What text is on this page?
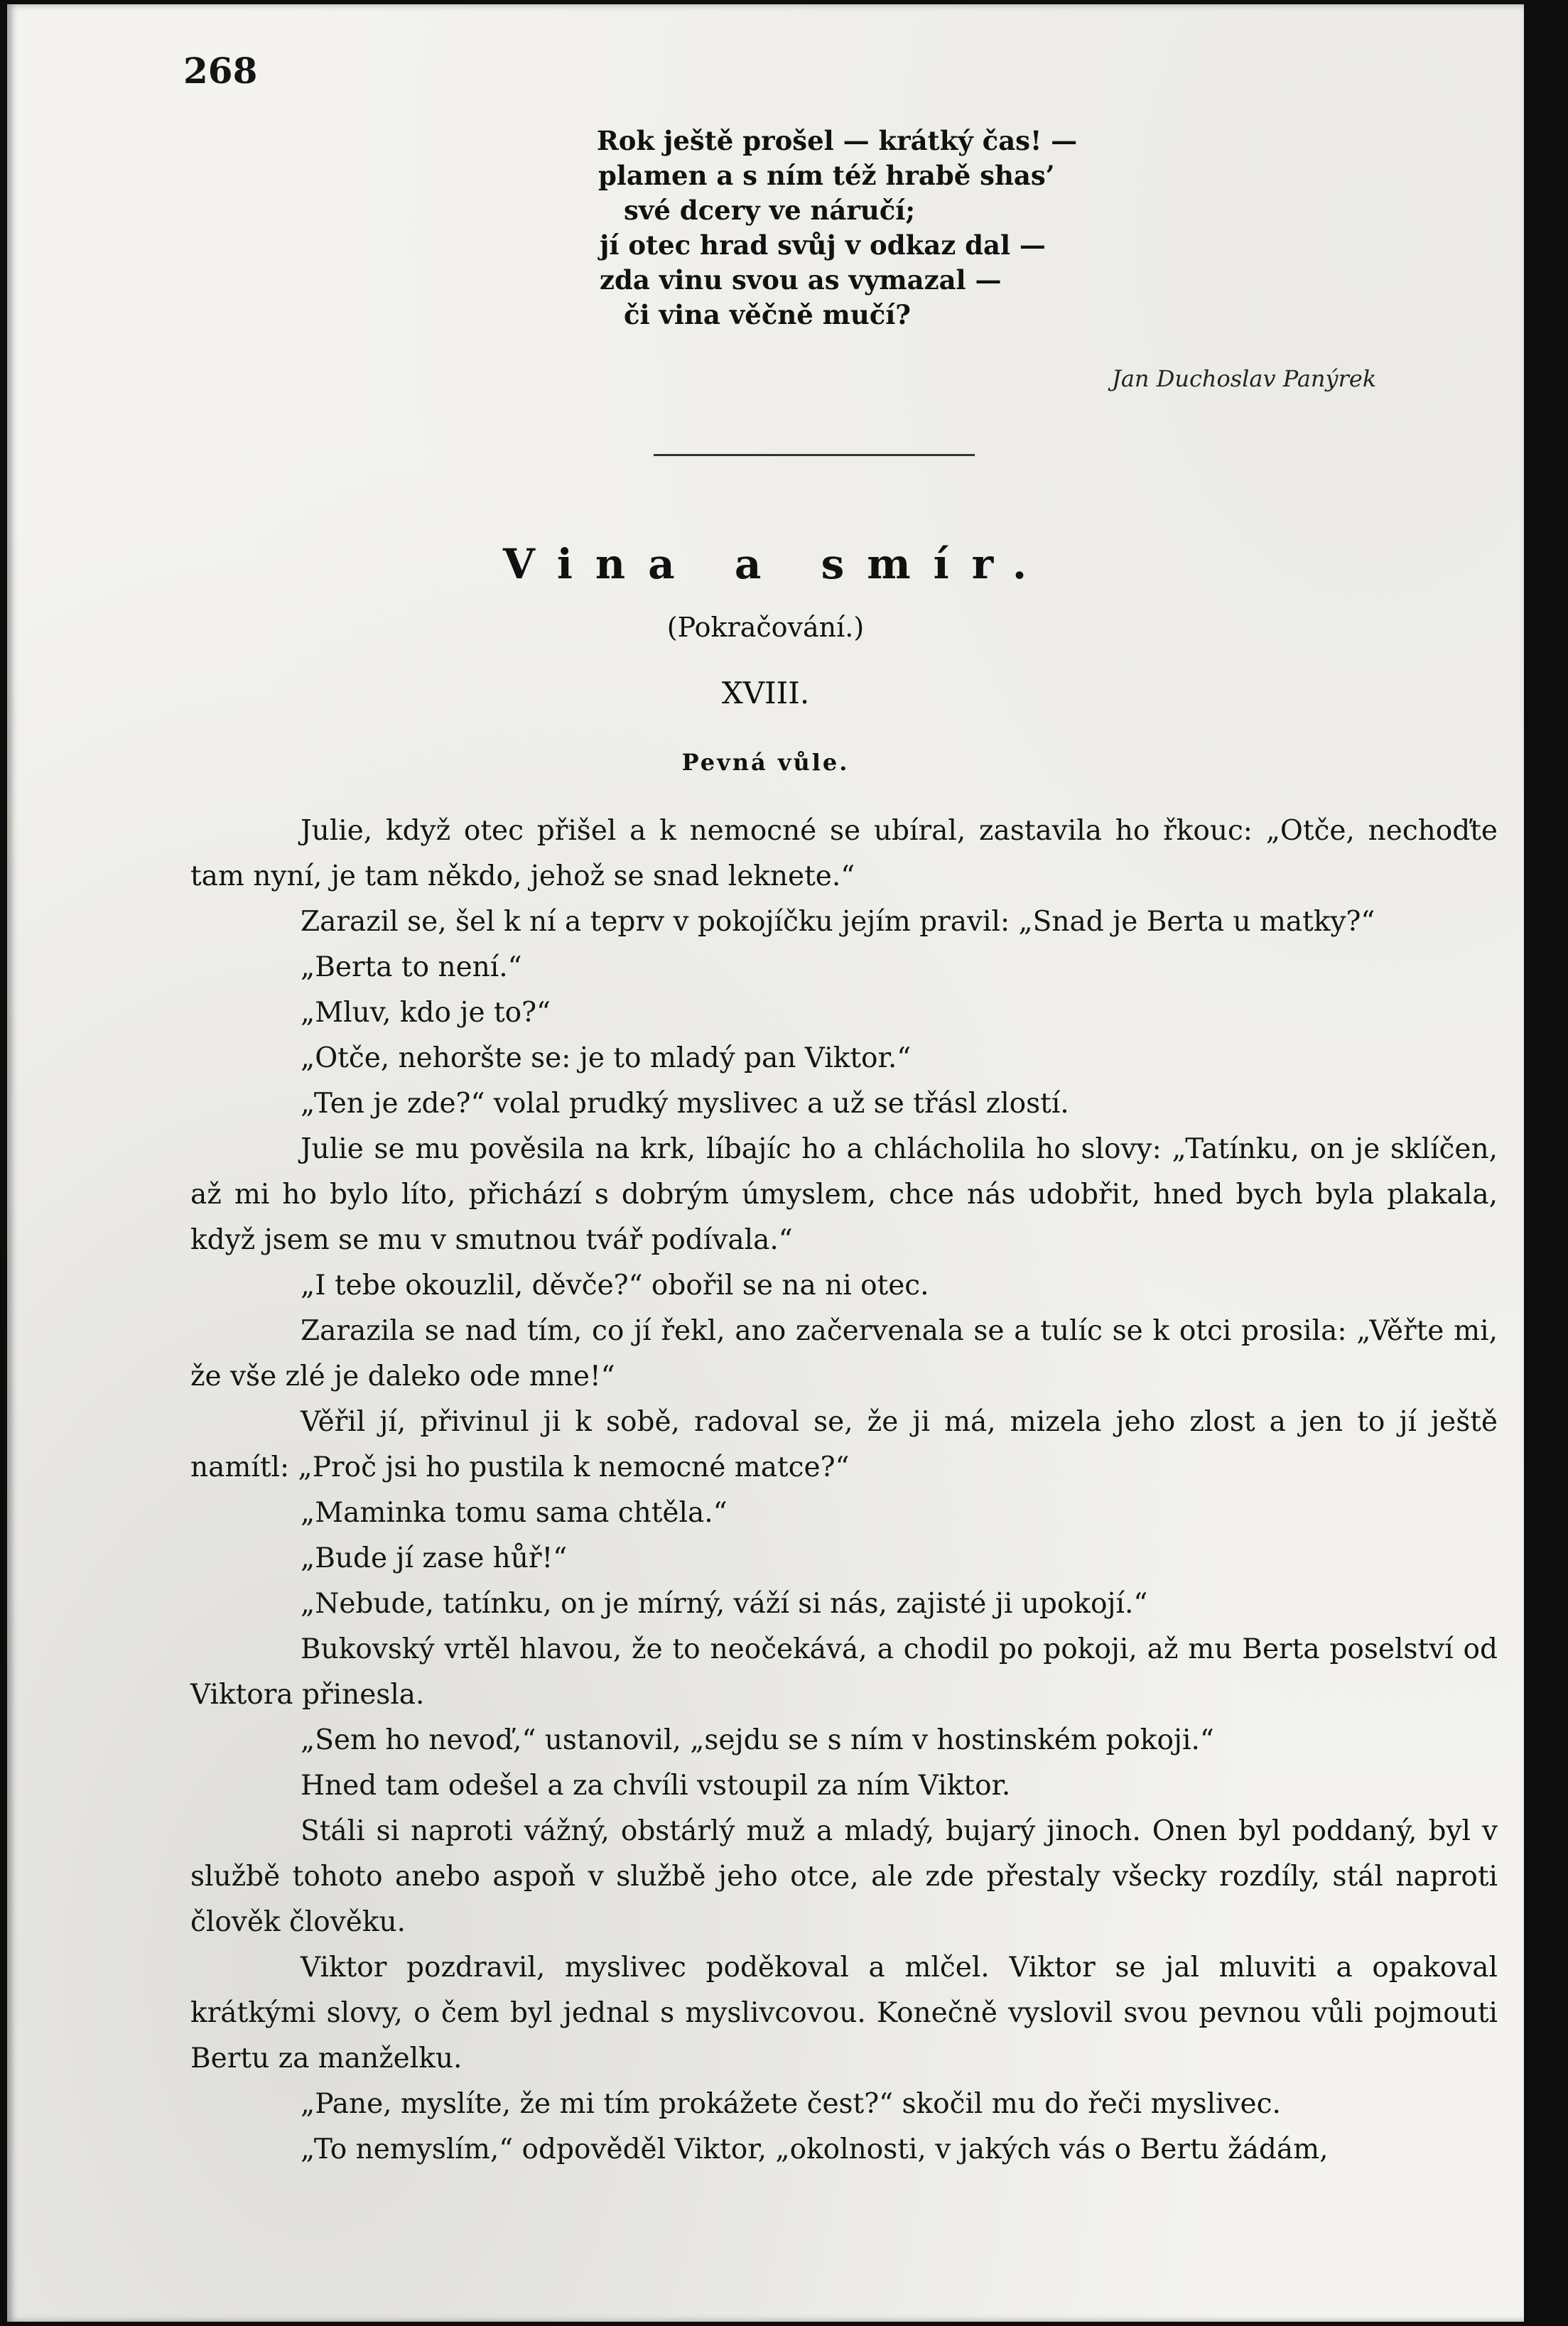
268
Rok ještě prošel — krátký čas! —
plamen a s ním též hrabě shas’
své dcery ve náručí;
jí otec hrad svůj v odkaz dal —
zda vinu svou as vymazal —
či vina věčně mučí?
Jan Duchoslav Panýrek
Vina a smír.
(Pokračování.)
XVIII.
Pevná vůle.

Julie, když otec přišel a k nemocné se ubíral, zastavila ho řkouc: „Otče, nechoďte tam nyní, je tam někdo, jehož se snad leknete.“

Zarazil se, šel k ní a teprv v pokojíčku jejím pravil: „Snad je Berta u matky?“

„Berta to není.“

„Mluv, kdo je to?“

„Otče, nehoršte se: je to mladý pan Viktor.“

„Ten je zde?“ volal prudký myslivec a už se třásl zlostí.

Julie se mu pověsila na krk, líbajíc ho a chlácholila ho slovy: „Tatínku, on je sklíčen, až mi ho bylo líto, přichází s dobrým úmyslem, chce nás udobřit, hned bych byla plakala, když jsem se mu v smutnou tvář podívala.“

„I tebe okouzlil, děvče?“ obořil se na ni otec.

Zarazila se nad tím, co jí řekl, ano začervenala se a tulíc se k otci prosila: „Věřte mi, že vše zlé je daleko ode mne!“

Věřil jí, přivinul ji k sobě, radoval se, že ji má, mizela jeho zlost a jen to jí ještě namítl: „Proč jsi ho pustila k nemocné matce?“

„Maminka tomu sama chtěla.“

„Bude jí zase hůř!“

„Nebude, tatínku, on je mírný, váží si nás, zajisté ji upokojí.“

Bukovský vrtěl hlavou, že to neočekává, a chodil po pokoji, až mu Berta poselství od Viktora přinesla.

„Sem ho nevoď,“ ustanovil, „sejdu se s ním v hostinském pokoji.“

Hned tam odešel a za chvíli vstoupil za ním Viktor.

Stáli si naproti vážný, obstárlý muž a mladý, bujarý jinoch. Onen byl poddaný, byl v službě tohoto anebo aspoň v službě jeho otce, ale zde přestaly všecky rozdíly, stál naproti člověk člověku.

Viktor pozdravil, myslivec poděkoval a mlčel. Viktor se jal mluviti a opakoval krátkými slovy, o čem byl jednal s myslivcovou. Konečně vyslovil svou pevnou vůli pojmouti Bertu za manželku.

„Pane, myslíte, že mi tím prokážete čest?“ skočil mu do řeči myslivec.

„To nemyslím,“ odpověděl Viktor, „okolnosti, v jakých vás o Bertu žádám,
